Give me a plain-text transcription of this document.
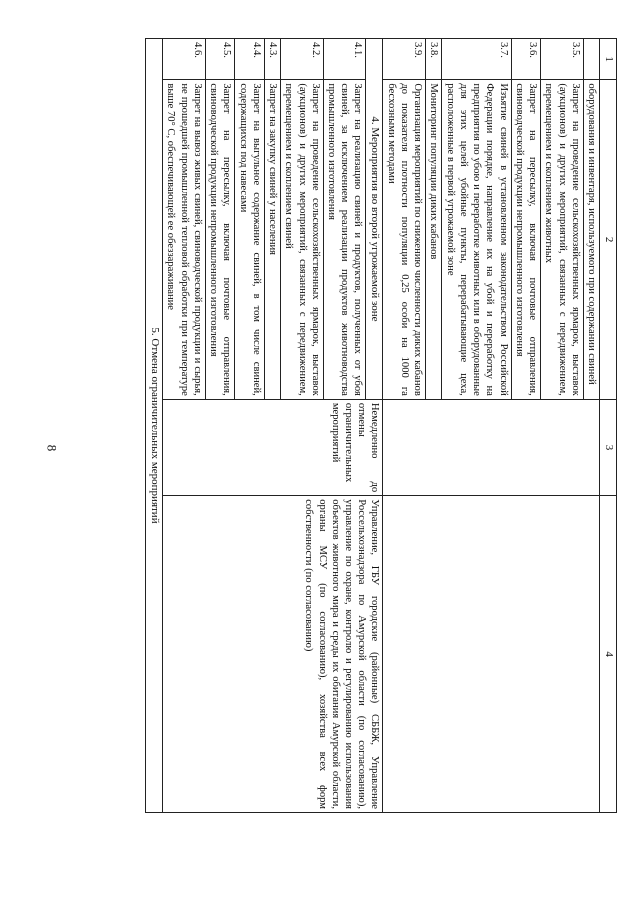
8
1	2	3	4
	оборудования и инвентаря, используемого при содержании свиней		
3.5.	Запрет на проведение сельскохозяйственных ярмарок, выставок (аукционов) и других мероприятий, связанных с передвижением, перемещением и скоплением животных		
3.6.	Запрет на пересылку, включая почтовые отправления, свиноводческой продукции непромышленного изготовления		
3.7.	Изъятие свиней в установленном законодательством Российской Федерации порядке, направление их на убой и переработку на предприятия по убою и переработке животных или в оборудованные для этих целей убойные пункты, перерабатывающие цеха, расположенные в первой угрожаемой зоне		
3.8.	Мониторинг популяции диких кабанов		
3.9.	Организация мероприятий по снижению численности диких кабанов до показателя плотности популяции 0,25 особи на 1000 га бесхозными методами		
4. Мероприятия во второй угрожаемой зоне		Немедленно до отмены ограничительных мероприятий	Управление, ГБУ городские (районные) СББЖ, Управление Россельхознадзора по Амурской области (по согласованию), управление по охране, контролю и регулированию использования объектов животного мира и среды их обитания Амурской области, органы МСУ (по согласованию), хозяйства всех форм собственности (по согласованию)
4.1.	Запрет на реализацию свиней и продуктов, полученных от убоя свиней, за исключением реализации продуктов животноводства промышленного изготовления		
4.2.	Запрет на проведение сельскохозяйственных ярмарок, выставок (аукционов) и других мероприятий, связанных с передвижением, перемещением и скоплением свиней		
4.3.	Запрет на закупку свиней у населения		
4.4.	Запрет на выгульное содержание свиней, в том числе свиней, содержащихся под навесами		
4.5.	Запрет на пересылку, включая почтовые отправления, свиноводческой продукции непромышленного изготовления		
4.6.	Запрет на вывоз живых свиней, свиноводческой продукции и сырья, не прошедшей промышленной тепловой обработки при температуре выше 70° С, обеспечивающей ее обеззараживание		
5. Отмена ограничительных мероприятий			
